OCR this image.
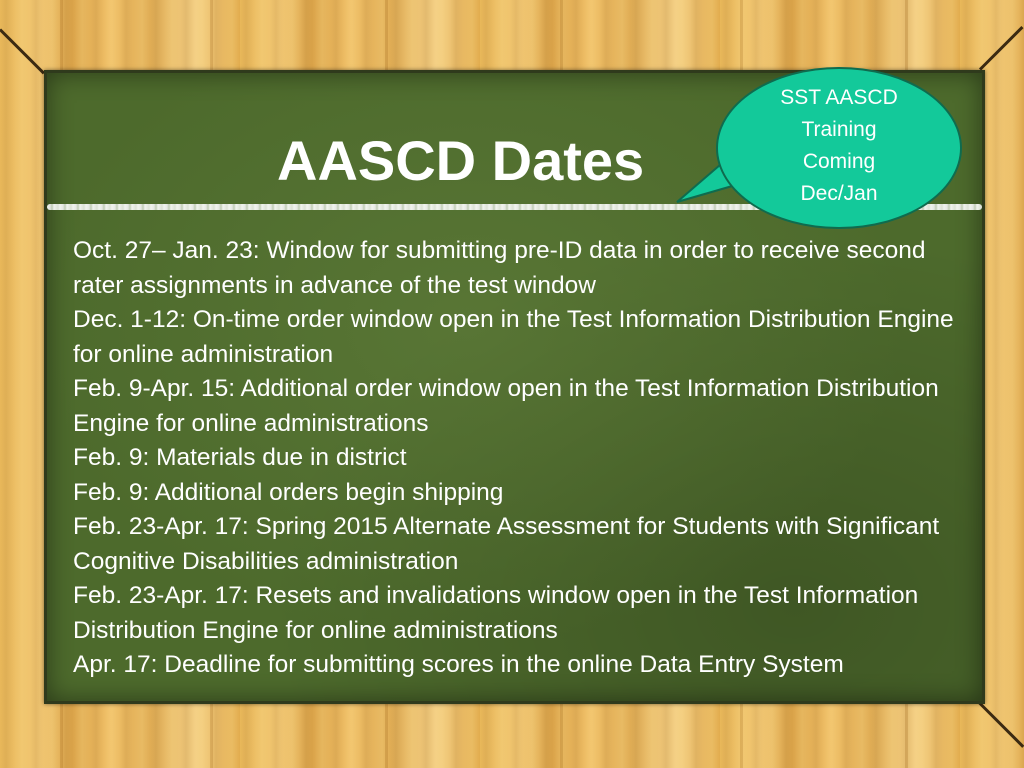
AASCD Dates

Oct. 27– Jan. 23: Window for submitting pre-ID data in order to receive second rater assignments in advance of the test window

Dec. 1-12: On-time order window open in the Test Information Distribution Engine for online administration

Feb. 9-Apr. 15: Additional order window open in the Test Information Distribution Engine for online administrations

Feb. 9: Materials due in district

Feb. 9: Additional orders begin shipping

Feb. 23-Apr. 17: Spring 2015 Alternate Assessment for Students with Significant Cognitive Disabilities administration

Feb. 23-Apr. 17: Resets and invalidations window open in the Test Information Distribution Engine for online administrations

Apr. 17: Deadline for submitting scores in the online Data Entry System

SST AASCD
Training
Coming
Dec/Jan
